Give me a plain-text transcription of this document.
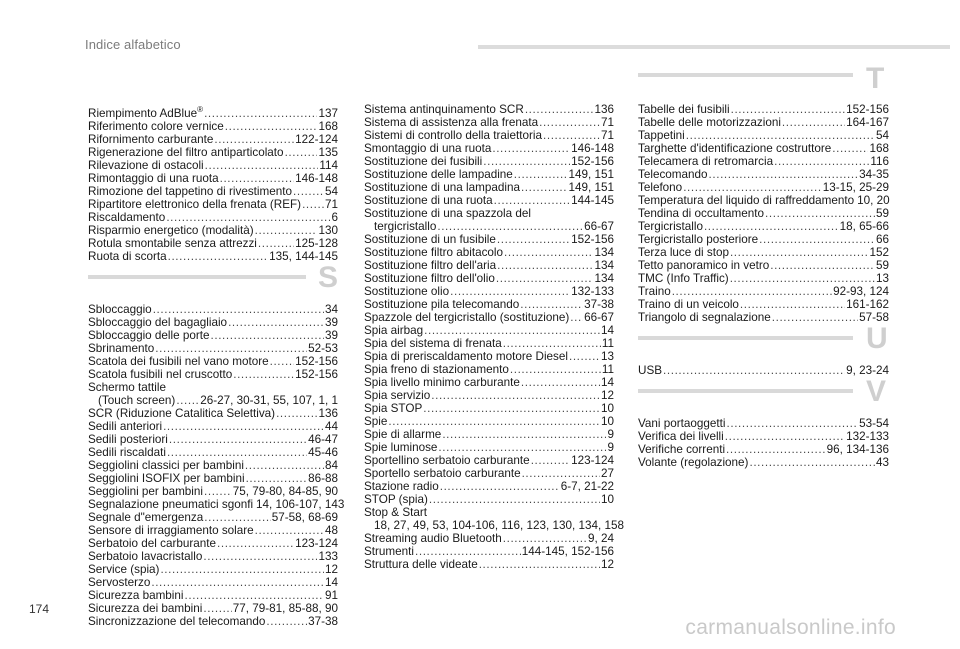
Indice alfabetico
Riempimento AdBlue® .....	137
Riferimento colore vernice .....	168
Rifornimento carburante .....	122-124
Rigenerazione del filtro antiparticolato .....	135
Rilevazione di ostacoli .....	114
Rimontaggio di una ruota .....	146-148
Rimozione del tappetino di rivestimento .....	54
Ripartitore elettronico della frenata (REF) ..... 71
Riscaldamento .....	6
Risparmio energetico (modalità) .....	130
Rotula smontabile senza attrezzi .....	125-128
Ruota di scorta .....	135, 144-145
S
Sbloccaggio .....	34
Sbloccaggio del bagagliaio .....	39
Sbloccaggio delle porte .....	39
Sbrinamento .....	52-53
Scatola dei fusibili nel vano motore ..... 152-156
Scatola fusibili nel cruscotto .....	152-156
Schermo tattile
(Touch screen) ..... 26-27, 30-31, 55, 107, 1, 1
SCR (Riduzione Catalitica Selettiva) .....	136
Sedili anteriori .....	44
Sedili posteriori .....	46-47
Sedili riscaldati .....	45-46
Seggiolini classici per bambini .....	84
Seggiolini ISOFIX per bambini .....	86-88
Seggiolini per bambini .....	75, 79-80, 84-85, 90
Segnalazione pneumatici sgonfi 14, 106-107, 143
Segnale d"emergenza .....	57-58, 68-69
Sensore di irraggiamento solare .....	48
Serbatoio del carburante .....	123-124
Serbatoio lavacristallo .....	133
Service (spia) .....	12
Servosterzo .....	14
Sicurezza bambini .....	91
Sicurezza dei bambini .....	77, 79-81, 85-88, 90
Sincronizzazione del telecomando .....	37-38
Sistema antinquinamento SCR .....	136
Sistema di assistenza alla frenata .....	71
Sistemi di controllo della traiettoria .....	71
Smontaggio di una ruota .....	146-148
Sostituzione dei fusibili .....	152-156
Sostituzione delle lampadine .....	149, 151
Sostituzione di una lampadina .....	149, 151
Sostituzione di una ruota .....	144-145
Sostituzione di una spazzola del
tergicristallo .....	66-67
Sostituzione di un fusibile .....	152-156
Sostituzione filtro abitacolo .....	134
Sostituzione filtro dell'aria .....	134
Sostituzione filtro dell'olio .....	134
Sostituzione olio .....	132-133
Sostituzione pila telecomando .....	37-38
Spazzole del tergicristallo (sostituzione) ..... 66-67
Spia airbag .....	14
Spia del sistema di frenata .....	11
Spia di preriscaldamento motore Diesel .....	13
Spia freno di stazionamento .....	11
Spia livello minimo carburante .....	14
Spia servizio .....	12
Spia STOP .....	10
Spie .....	10
Spie di allarme .....	9
Spie luminose .....	9
Sportellino serbatoio carburante .....	123-124
Sportello serbatoio carburante .....	27
Stazione radio .....	6-7, 21-22
STOP (spia) .....	10
Stop & Start
18, 27, 49, 53, 104-106, 116, 123, 130, 134, 158
Streaming audio Bluetooth .....	9, 24
Strumenti .....	144-145, 152-156
Struttura delle videate .....	12
T
Tabelle dei fusibili .....	152-156
Tabelle delle motorizzazioni .....	164-167
Tappetini .....	54
Targhette d'identificazione costruttore .....	168
Telecamera di retromarcia .....	116
Telecomando .....	34-35
Telefono .....	13-15, 25-29
Temperatura del liquido di raffreddamento 10, 20
Tendina di occultamento .....	59
Tergicristallo .....	18, 65-66
Tergicristallo posteriore .....	66
Terza luce di stop .....	152
Tetto panoramico in vetro .....	59
TMC (Info Traffic) .....	13
Traino .....	92-93, 124
Traino di un veicolo .....	161-162
Triangolo di segnalazione .....	57-58
U
USB .....	9, 23-24
V
Vani portaoggetti .....	53-54
Verifica dei livelli .....	132-133
Verifiche correnti .....	96, 134-136
Volante (regolazione) .....	43
174
carmanualsonline.info
